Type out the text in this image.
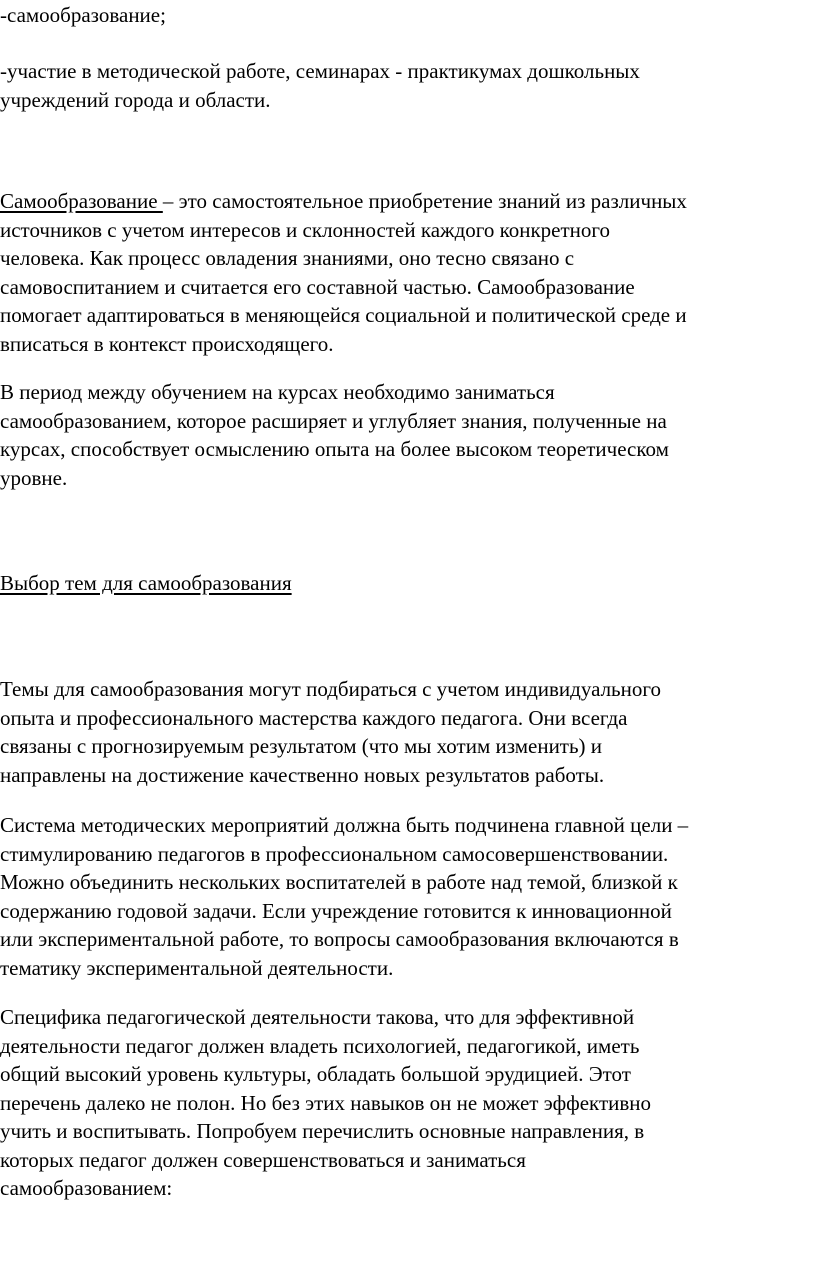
-самообразование;

-участие в методической работе, семинарах - практикумах дошкольных
учреждений города и области.

Самообразование – это самостоятельное приобретение знаний из различных
источников с учетом интересов и склонностей каждого конкретного
человека. Как процесс овладения знаниями, оно тесно связано с
самовоспитанием и считается его составной частью. Самообразование
помогает адаптироваться в меняющейся социальной и политической среде и
вписаться в контекст происходящего.

В период между обучением на курсах необходимо заниматься
самообразованием, которое расширяет и углубляет знания, полученные на
курсах, способствует осмыслению опыта на более высоком теоретическом
уровне.

Выбор тем для самообразования

Темы для самообразования могут подбираться с учетом индивидуального
опыта и профессионального мастерства каждого педагога. Они всегда
связаны с прогнозируемым результатом (что мы хотим изменить) и
направлены на достижение качественно новых результатов работы.

Система методических мероприятий должна быть подчинена главной цели –
стимулированию педагогов в профессиональном самосовершенствовании.
Можно объединить нескольких воспитателей в работе над темой, близкой к
содержанию годовой задачи. Если учреждение готовится к инновационной
или экспериментальной работе, то вопросы самообразования включаются в
тематику экспериментальной деятельности.

Специфика педагогической деятельности такова, что для эффективной
деятельности педагог должен владеть психологией, педагогикой, иметь
общий высокий уровень культуры, обладать большой эрудицией. Этот
перечень далеко не полон. Но без этих навыков он не может эффективно
учить и воспитывать. Попробуем перечислить основные направления, в
которых педагог должен совершенствоваться и заниматься
самообразованием:
